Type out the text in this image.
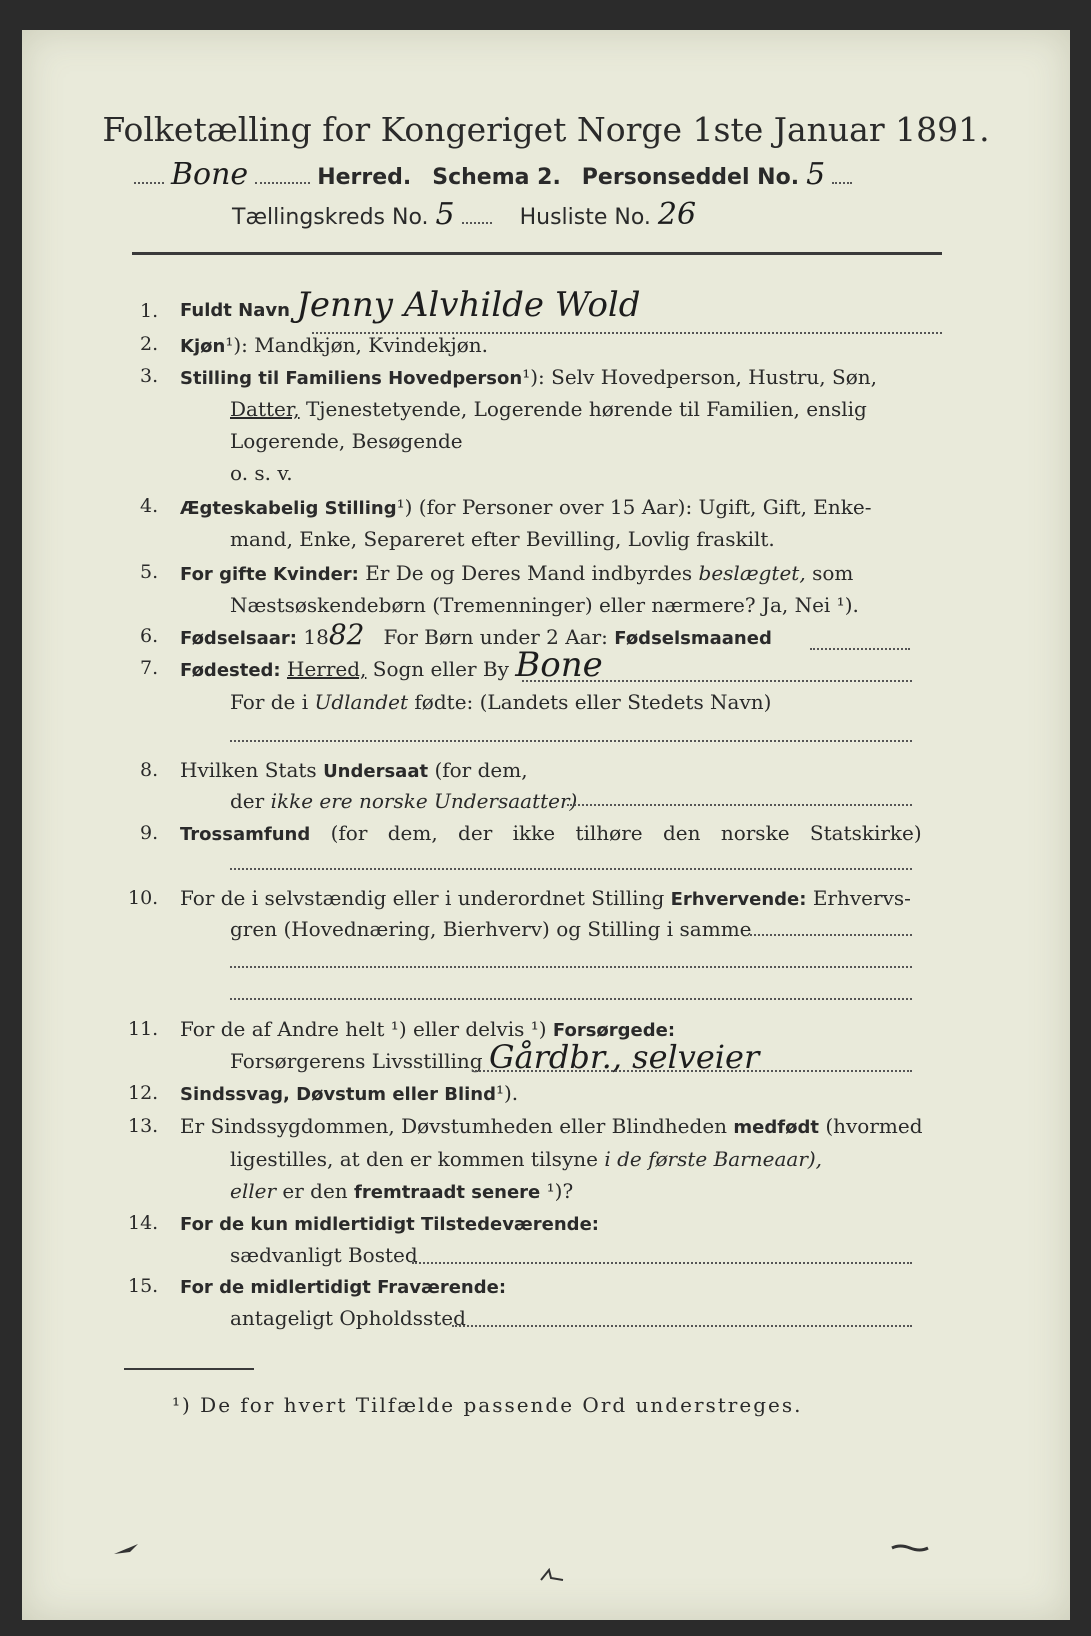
Folketælling for Kongeriget Norge 1ste Januar 1891.
Bone	Herred. Schema 2. Personseddel No. 5
Tællingskreds No. 5	Husliste No. 26
1. Fuldt Navn Jenny Alvhilde Wold
2. Kjøn¹): Mandkjøn, Kvindekjøn.
3. Stilling til Familiens Hovedperson¹): Selv Hovedperson, Hustru, Søn,
Datter, Tjenestetyende, Logerende hørende til Familien, enslig
Logerende, Besøgende
o. s. v.
4. Ægteskabelig Stilling¹) (for Personer over 15 Aar): Ugift, Gift, Enke-
mand, Enke, Separeret efter Bevilling, Lovlig fraskilt.
5. For gifte Kvinder: Er De og Deres Mand indbyrdes beslægtet, som
Næstsøskendebørn (Tremenninger) eller nærmere? Ja, Nei ¹).
6. Fødselsaar: 1882 For Børn under 2 Aar: Fødselsmaaned
7. Fødested: Herred, Sogn eller By Bone
For de i Udlandet fødte: (Landets eller Stedets Navn)
8. Hvilken Stats Undersaat (for dem,
der ikke ere norske Undersaatter)
9. Trossamfund (for dem, der ikke tilhøre den norske Statskirke)
10. For de i selvstændig eller i underordnet Stilling Erhvervende: Erhvervs-
gren (Hovednæring, Bierhverv) og Stilling i samme
11. For de af Andre helt ¹) eller delvis ¹) Forsørgede:
Forsørgerens Livsstilling Gårdbr., selveier
12. Sindssvag, Døvstum eller Blind¹).
13. Er Sindssygdommen, Døvstumheden eller Blindheden medfødt (hvormed
ligestilles, at den er kommen tilsyne i de første Barneaar),
eller er den fremtraadt senere ¹)?
14. For de kun midlertidigt Tilstedeværende:
sædvanligt Bosted
15. For de midlertidigt Fraværende:
antageligt Opholdssted
¹) De for hvert Tilfælde passende Ord understreges.
